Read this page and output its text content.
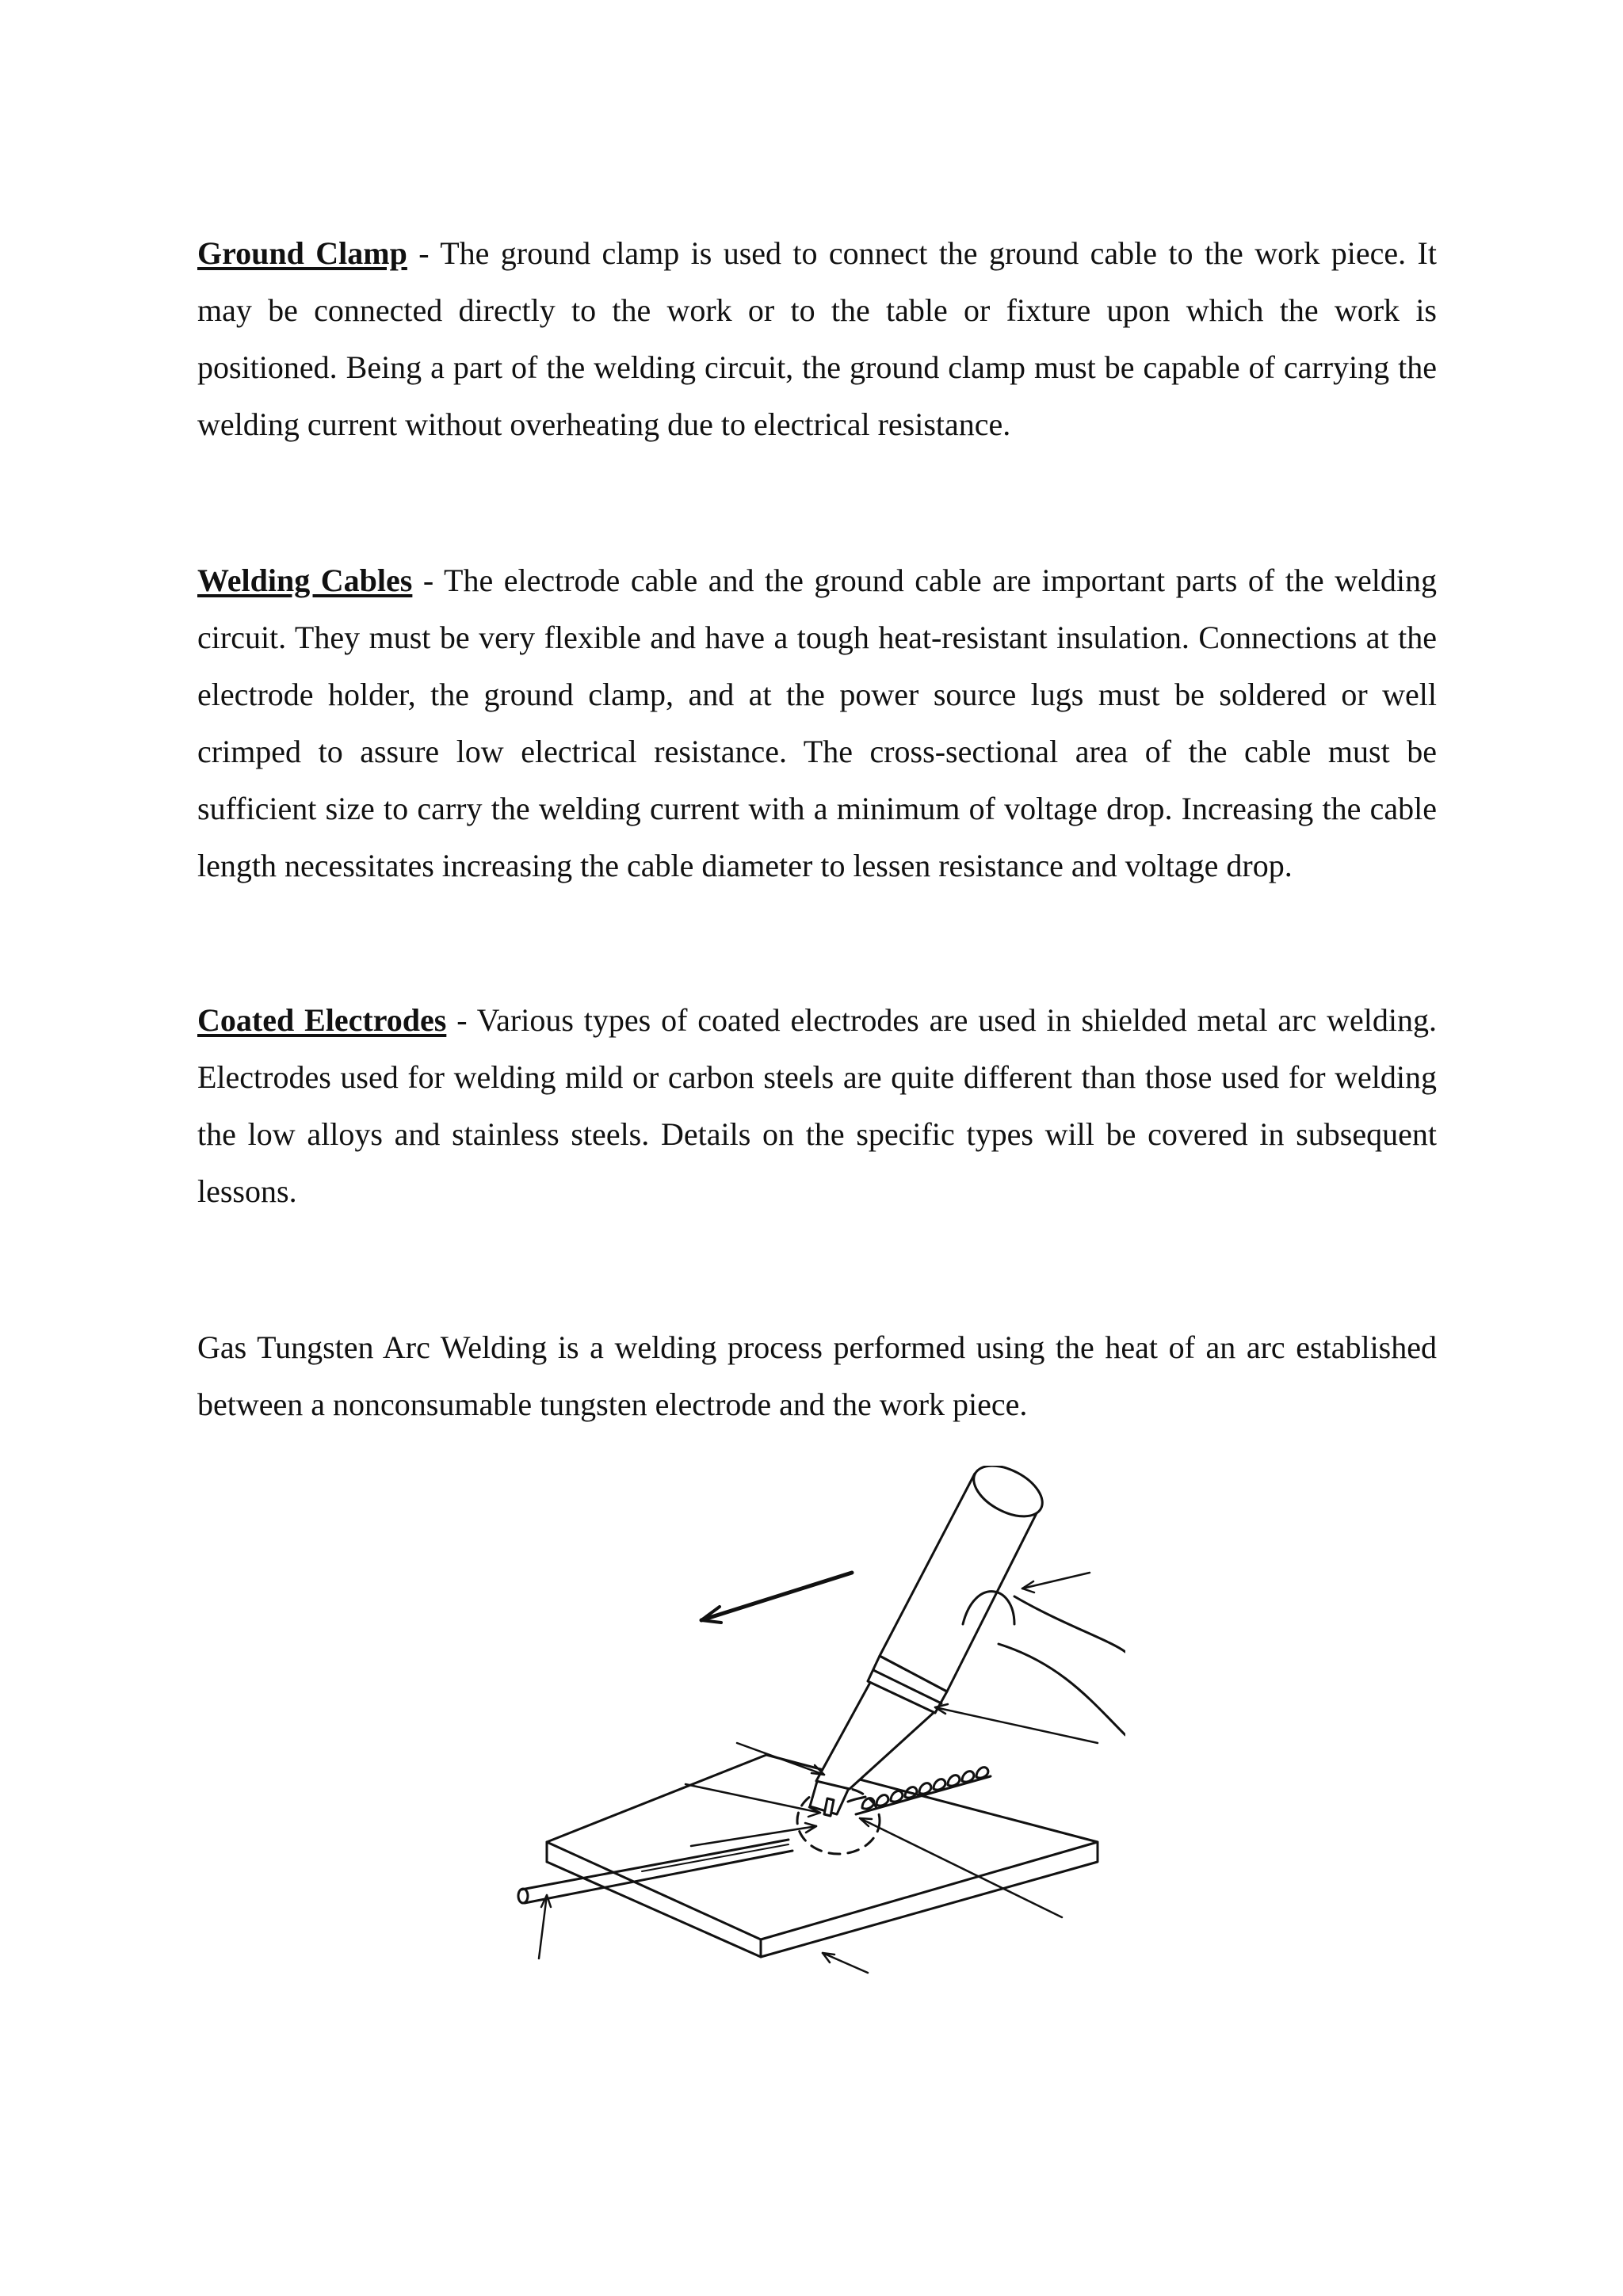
Ground Clamp - The ground clamp is used to connect the ground cable to the work piece. It may be connected directly to the work or to the table or fixture upon which the work is positioned. Being a part of the welding circuit, the ground clamp must be capable of carrying the welding current without overheating due to electrical resistance.

Welding Cables - The electrode cable and the ground cable are important parts of the welding circuit. They must be very flexible and have a tough heat-resistant insulation. Connections at the electrode holder, the ground clamp, and at the power source lugs must be soldered or well crimped to assure low electrical resistance. The cross-sectional area of the cable must be sufficient size to carry the welding current with a minimum of voltage drop. Increasing the cable length necessitates increasing the cable diameter to lessen resistance and voltage drop.

Coated Electrodes - Various types of coated electrodes are used in shielded metal arc welding. Electrodes used for welding mild or carbon steels are quite different than those used for welding the low alloys and stainless steels. Details on the specific types will be covered in subsequent lessons.

Gas Tungsten Arc Welding is a welding process performed using the heat of an arc established between a nonconsumable tungsten electrode and the work piece.
